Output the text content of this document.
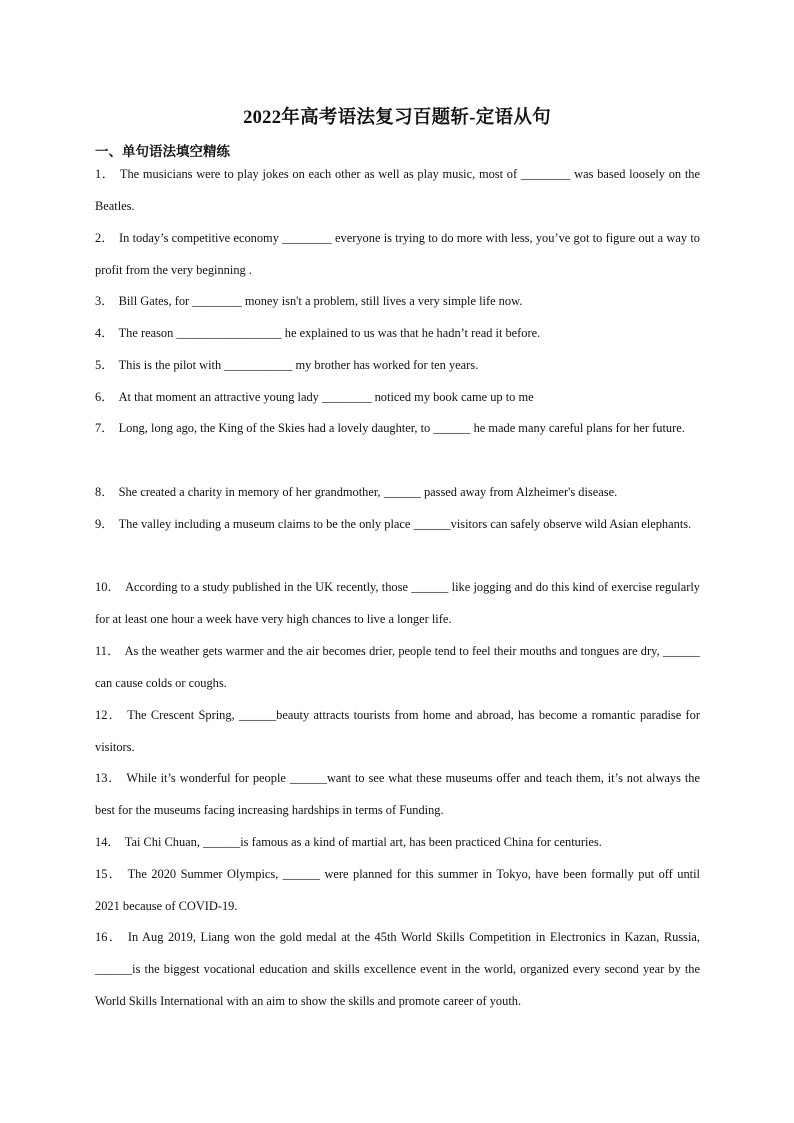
2022年高考语法复习百题斩-定语从句
一、单句语法填空精练
1． The musicians were to play jokes on each other as well as play music, most of ________ was based loosely on the Beatles.
2． In today’s competitive economy ________ everyone is trying to do more with less, you’ve got to figure out a way to profit from the very beginning .
3． Bill Gates, for ________ money isn't a problem, still lives a very simple life now.
4． The reason _________________ he explained to us was that he hadn’t read it before.
5． This is the pilot with ___________ my brother has worked for ten years.
6． At that moment an attractive young lady ________ noticed my book came up to me
7． Long, long ago, the King of the Skies had a lovely daughter, to ______ he made many careful plans for her future.
8． She created a charity in memory of her grandmother, ______ passed away from Alzheimer's disease.
9． The valley including a museum claims to be the only place ______visitors can safely observe wild Asian elephants.
10． According to a study published in the UK recently, those ______ like jogging and do this kind of exercise regularly for at least one hour a week have very high chances to live a longer life.
11． As the weather gets warmer and the air becomes drier, people tend to feel their mouths and tongues are dry, ______ can cause colds or coughs.
12． The Crescent Spring, ______beauty attracts tourists from home and abroad, has become a romantic paradise for visitors.
13． While it’s wonderful for people ______want to see what these museums offer and teach them, it’s not always the best for the museums facing increasing hardships in terms of Funding.
14． Tai Chi Chuan, ______is famous as a kind of martial art, has been practiced China for centuries.
15． The 2020 Summer Olympics, ______ were planned for this summer in Tokyo, have been formally put off until 2021 because of COVID-19.
16． In Aug 2019, Liang won the gold medal at the 45th World Skills Competition in Electronics in Kazan, Russia, ______is the biggest vocational education and skills excellence event in the world, organized every second year by the World Skills International with an aim to show the skills and promote career of youth.
